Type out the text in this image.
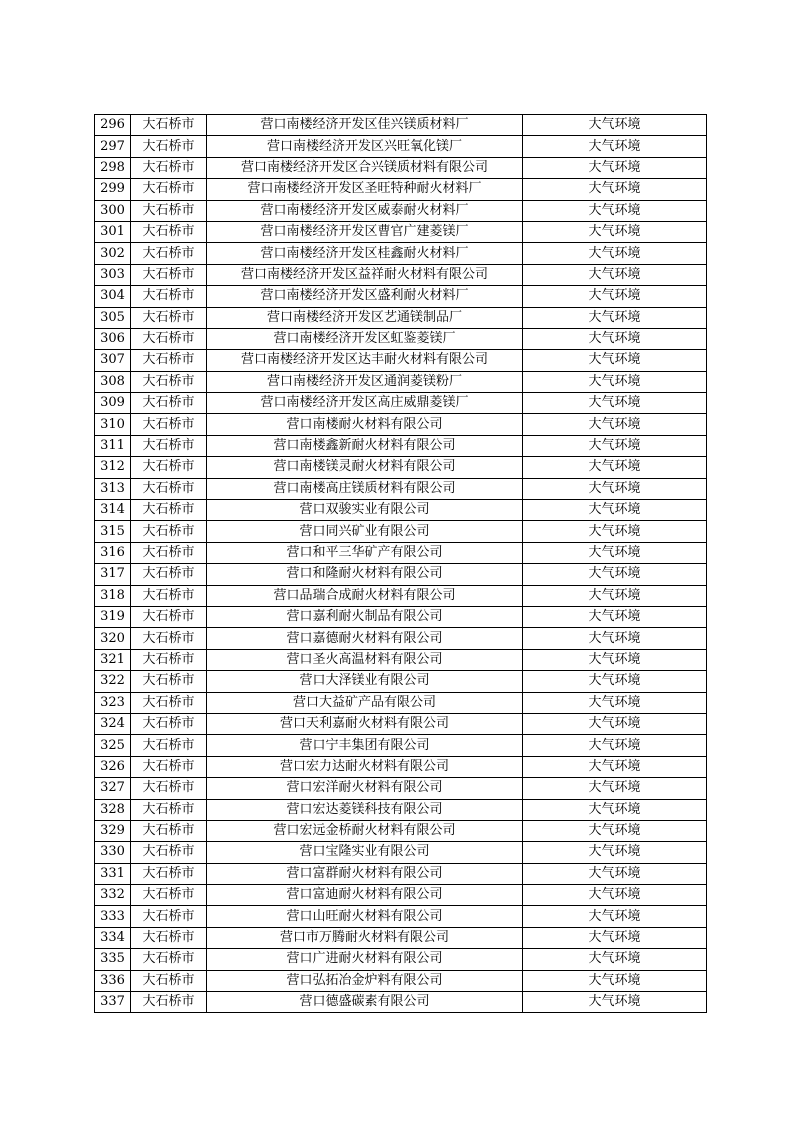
296	大石桥市	营口南楼经济开发区佳兴镁质材料厂	大气环境
297	大石桥市	营口南楼经济开发区兴旺氧化镁厂	大气环境
298	大石桥市	营口南楼经济开发区合兴镁质材料有限公司	大气环境
299	大石桥市	营口南楼经济开发区圣旺特种耐火材料厂	大气环境
300	大石桥市	营口南楼经济开发区威泰耐火材料厂	大气环境
301	大石桥市	营口南楼经济开发区曹官广建菱镁厂	大气环境
302	大石桥市	营口南楼经济开发区桂鑫耐火材料厂	大气环境
303	大石桥市	营口南楼经济开发区益祥耐火材料有限公司	大气环境
304	大石桥市	营口南楼经济开发区盛利耐火材料厂	大气环境
305	大石桥市	营口南楼经济开发区艺通镁制品厂	大气环境
306	大石桥市	营口南楼经济开发区虹鉴菱镁厂	大气环境
307	大石桥市	营口南楼经济开发区达丰耐火材料有限公司	大气环境
308	大石桥市	营口南楼经济开发区通润菱镁粉厂	大气环境
309	大石桥市	营口南楼经济开发区高庄威鼎菱镁厂	大气环境
310	大石桥市	营口南楼耐火材料有限公司	大气环境
311	大石桥市	营口南楼鑫新耐火材料有限公司	大气环境
312	大石桥市	营口南楼镁灵耐火材料有限公司	大气环境
313	大石桥市	营口南楼高庄镁质材料有限公司	大气环境
314	大石桥市	营口双骏实业有限公司	大气环境
315	大石桥市	营口同兴矿业有限公司	大气环境
316	大石桥市	营口和平三华矿产有限公司	大气环境
317	大石桥市	营口和隆耐火材料有限公司	大气环境
318	大石桥市	营口品瑞合成耐火材料有限公司	大气环境
319	大石桥市	营口嘉利耐火制品有限公司	大气环境
320	大石桥市	营口嘉德耐火材料有限公司	大气环境
321	大石桥市	营口圣火高温材料有限公司	大气环境
322	大石桥市	营口大泽镁业有限公司	大气环境
323	大石桥市	营口大益矿产品有限公司	大气环境
324	大石桥市	营口天利嘉耐火材料有限公司	大气环境
325	大石桥市	营口宁丰集团有限公司	大气环境
326	大石桥市	营口宏力达耐火材料有限公司	大气环境
327	大石桥市	营口宏洋耐火材料有限公司	大气环境
328	大石桥市	营口宏达菱镁科技有限公司	大气环境
329	大石桥市	营口宏远金桥耐火材料有限公司	大气环境
330	大石桥市	营口宝隆实业有限公司	大气环境
331	大石桥市	营口富群耐火材料有限公司	大气环境
332	大石桥市	营口富迪耐火材料有限公司	大气环境
333	大石桥市	营口山旺耐火材料有限公司	大气环境
334	大石桥市	营口市万腾耐火材料有限公司	大气环境
335	大石桥市	营口广进耐火材料有限公司	大气环境
336	大石桥市	营口弘拓冶金炉料有限公司	大气环境
337	大石桥市	营口德盛碳素有限公司	大气环境
